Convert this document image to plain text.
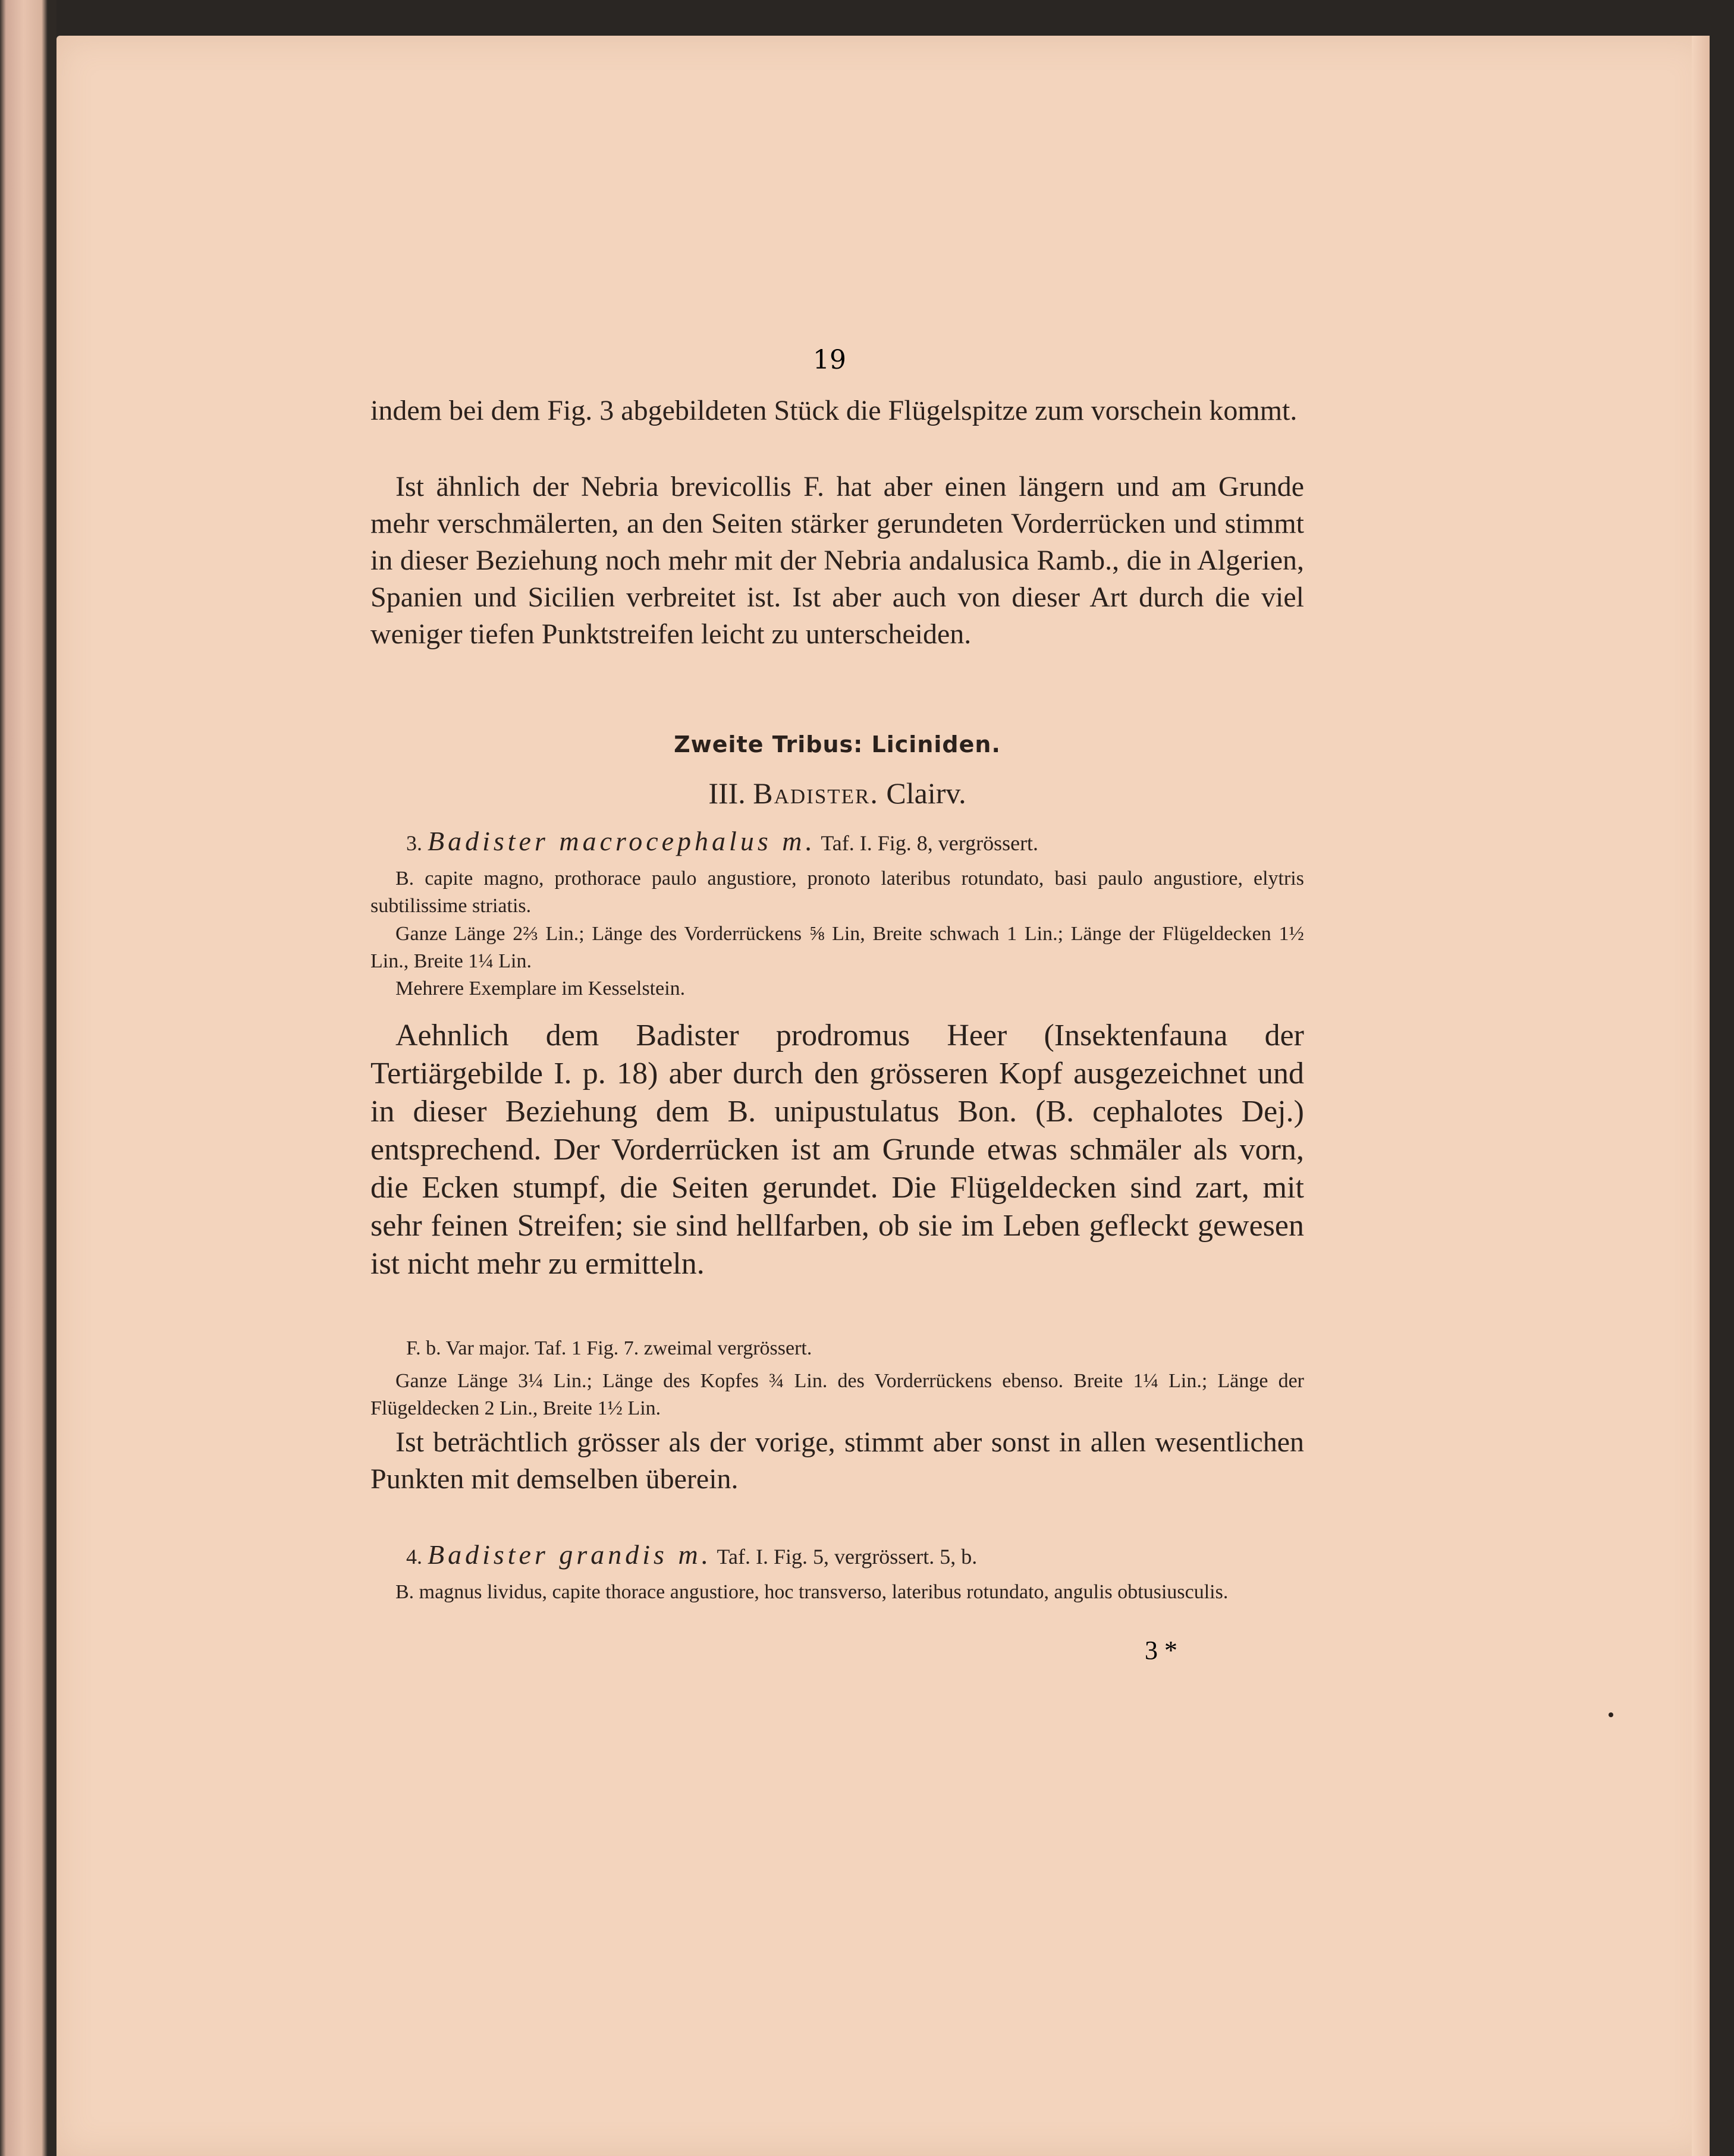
19

indem bei dem Fig. 3 abgebildeten Stück die Flügelspitze zum vorschein kommt.

Ist ähnlich der Nebria brevicollis F. hat aber einen längern und am Grunde mehr verschmälerten, an den Seiten stärker gerundeten Vorderrücken und stimmt in dieser Beziehung noch mehr mit der Nebria andalusica Ramb., die in Algerien, Spanien und Sicilien verbreitet ist. Ist aber auch von dieser Art durch die viel weniger tiefen Punktstreifen leicht zu unterscheiden.

Zweite Tribus: Liciniden.
III. Badister. Clairv.

3. Badister macrocephalus m. Taf. I. Fig. 8, vergrössert.

B. capite magno, prothorace paulo angustiore, pronoto lateribus rotundato, basi paulo angustiore, elytris subtilissime striatis.

Ganze Länge 2⅔ Lin.; Länge des Vorderrückens ⅝ Lin, Breite schwach 1 Lin.; Länge der Flügeldecken 1½ Lin., Breite 1¼ Lin.

Mehrere Exemplare im Kesselstein.

Aehnlich dem Badister prodromus Heer (Insektenfauna der Tertiärgebilde I. p. 18) aber durch den grösseren Kopf ausgezeichnet und in dieser Beziehung dem B. unipustulatus Bon. (B. cephalotes Dej.) entsprechend. Der Vorderrücken ist am Grunde etwas schmäler als vorn, die Ecken stumpf, die Seiten gerundet. Die Flügeldecken sind zart, mit sehr feinen Streifen; sie sind hellfarben, ob sie im Leben gefleckt gewesen ist nicht mehr zu ermitteln.

F. b. Var major. Taf. 1 Fig. 7. zweimal vergrössert.

Ganze Länge 3¼ Lin.; Länge des Kopfes ¾ Lin. des Vorderrückens ebenso. Breite 1¼ Lin.; Länge der Flügeldecken 2 Lin., Breite 1½ Lin.

Ist beträchtlich grösser als der vorige, stimmt aber sonst in allen wesentlichen Punkten mit demselben überein.

4. Badister grandis m. Taf. I. Fig. 5, vergrössert. 5, b.

B. magnus lividus, capite thorace angustiore, hoc transverso, lateribus rotundato, angulis obtusiusculis.

3 *
